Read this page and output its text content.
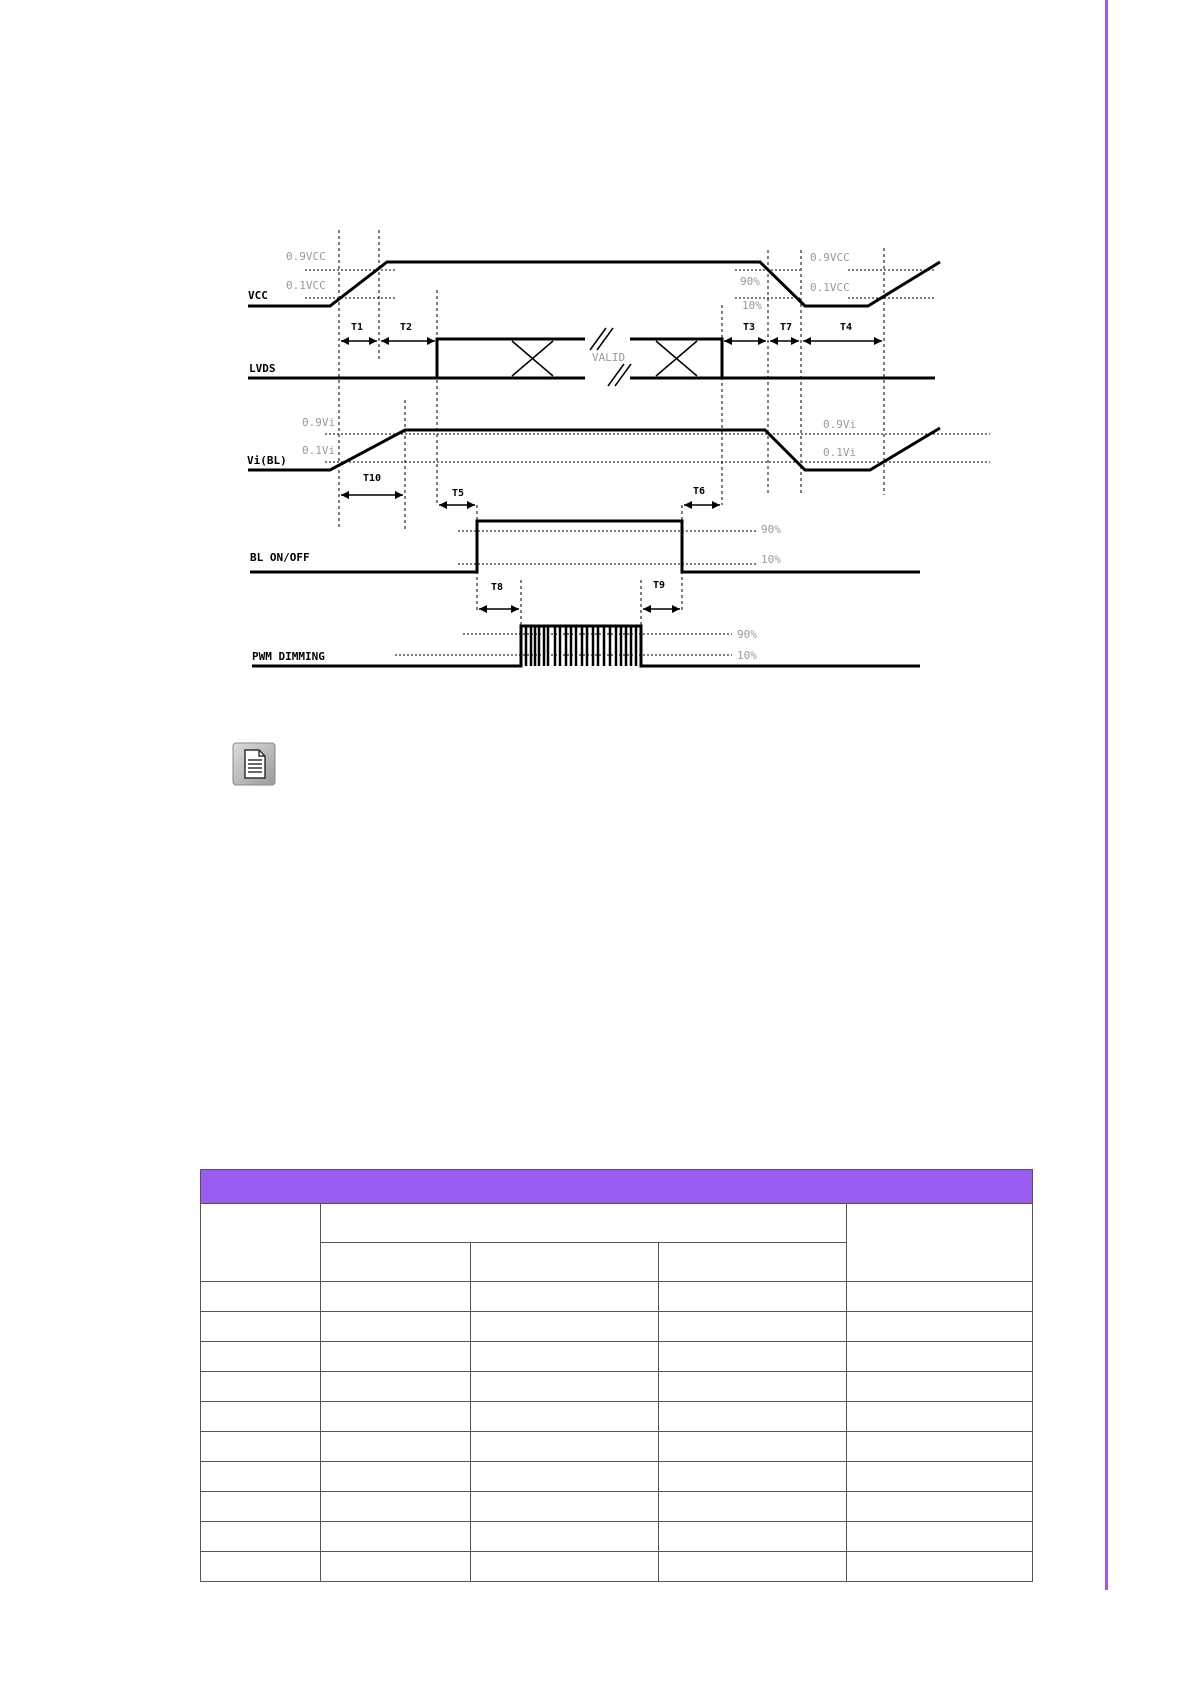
VCC
LVDS
Vi(BL)
BL ON/OFF
PWM DIMMING
0.9VCC
0.1VCC	90%
10%
0.9VCC
0.1VCC
VALID
0.9Vi
0.1Vi
0.9Vi
0.1Vi
90%
10%
90%
10%
T1	T2	T3 T7	T4
T10
T5	T6
T8	T9
